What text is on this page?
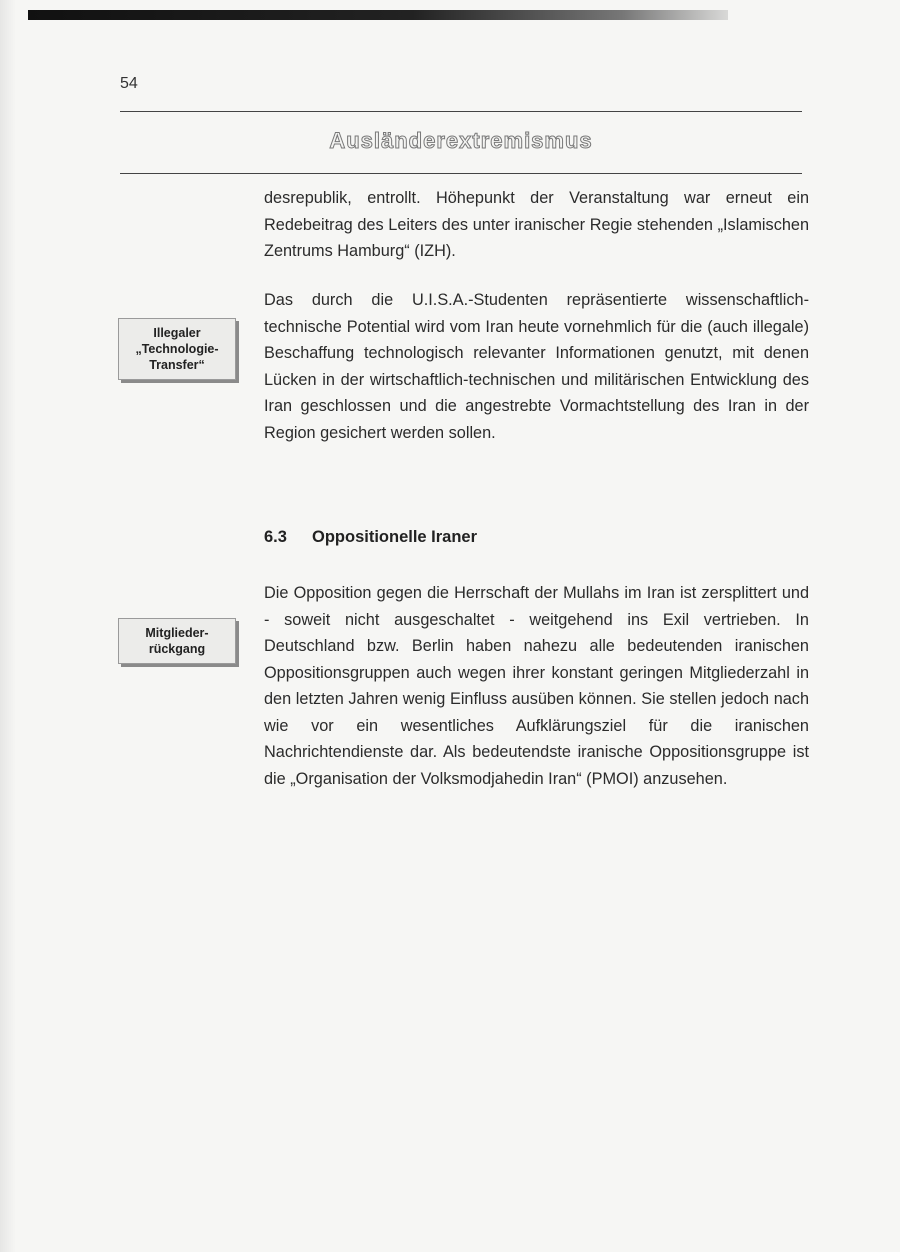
54
Ausländerextremismus

desrepublik, entrollt. Höhepunkt der Veranstaltung war erneut ein Redebeitrag des Leiters des unter iranischer Regie stehenden „Islamischen Zentrums Hamburg“ (IZH).

Das durch die U.I.S.A.-Studenten repräsentierte wissenschaftlich-technische Potential wird vom Iran heute vornehmlich für die (auch illegale) Beschaffung technologisch relevanter Informationen genutzt, mit denen Lücken in der wirtschaftlich-technischen und militärischen Entwicklung des Iran geschlossen und die angestrebte Vormachtstellung des Iran in der Region gesichert werden sollen.

Illegaler
„Technologie-
Transfer“
6.3 Oppositionelle Iraner

Die Opposition gegen die Herrschaft der Mullahs im Iran ist zersplittert und - soweit nicht ausgeschaltet - weitgehend ins Exil vertrieben. In Deutschland bzw. Berlin haben nahezu alle bedeutenden iranischen Oppositionsgruppen auch wegen ihrer konstant geringen Mitgliederzahl in den letzten Jahren wenig Einfluss ausüben können. Sie stellen jedoch nach wie vor ein wesentliches Aufklärungsziel für die iranischen Nachrichtendienste dar. Als bedeutendste iranische Oppositionsgruppe ist die „Organisation der Volksmodjahedin Iran“ (PMOI) anzusehen.

Mitglieder-
rückgang
